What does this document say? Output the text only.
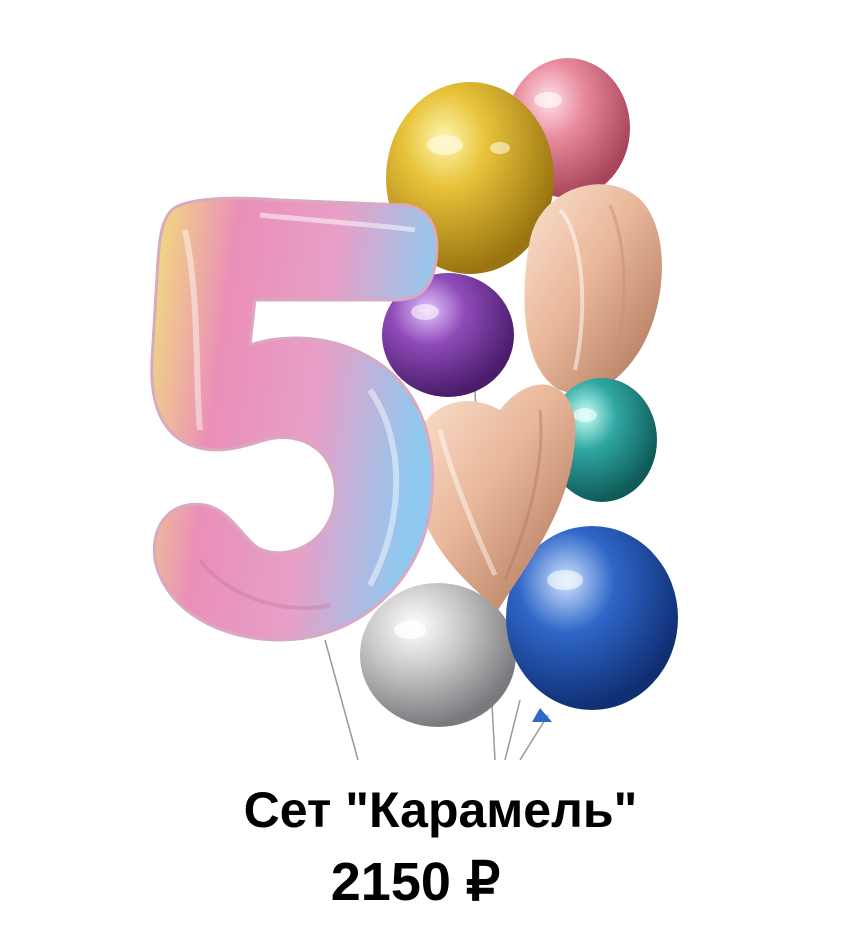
Сет "Карамель"
2150 ₽
